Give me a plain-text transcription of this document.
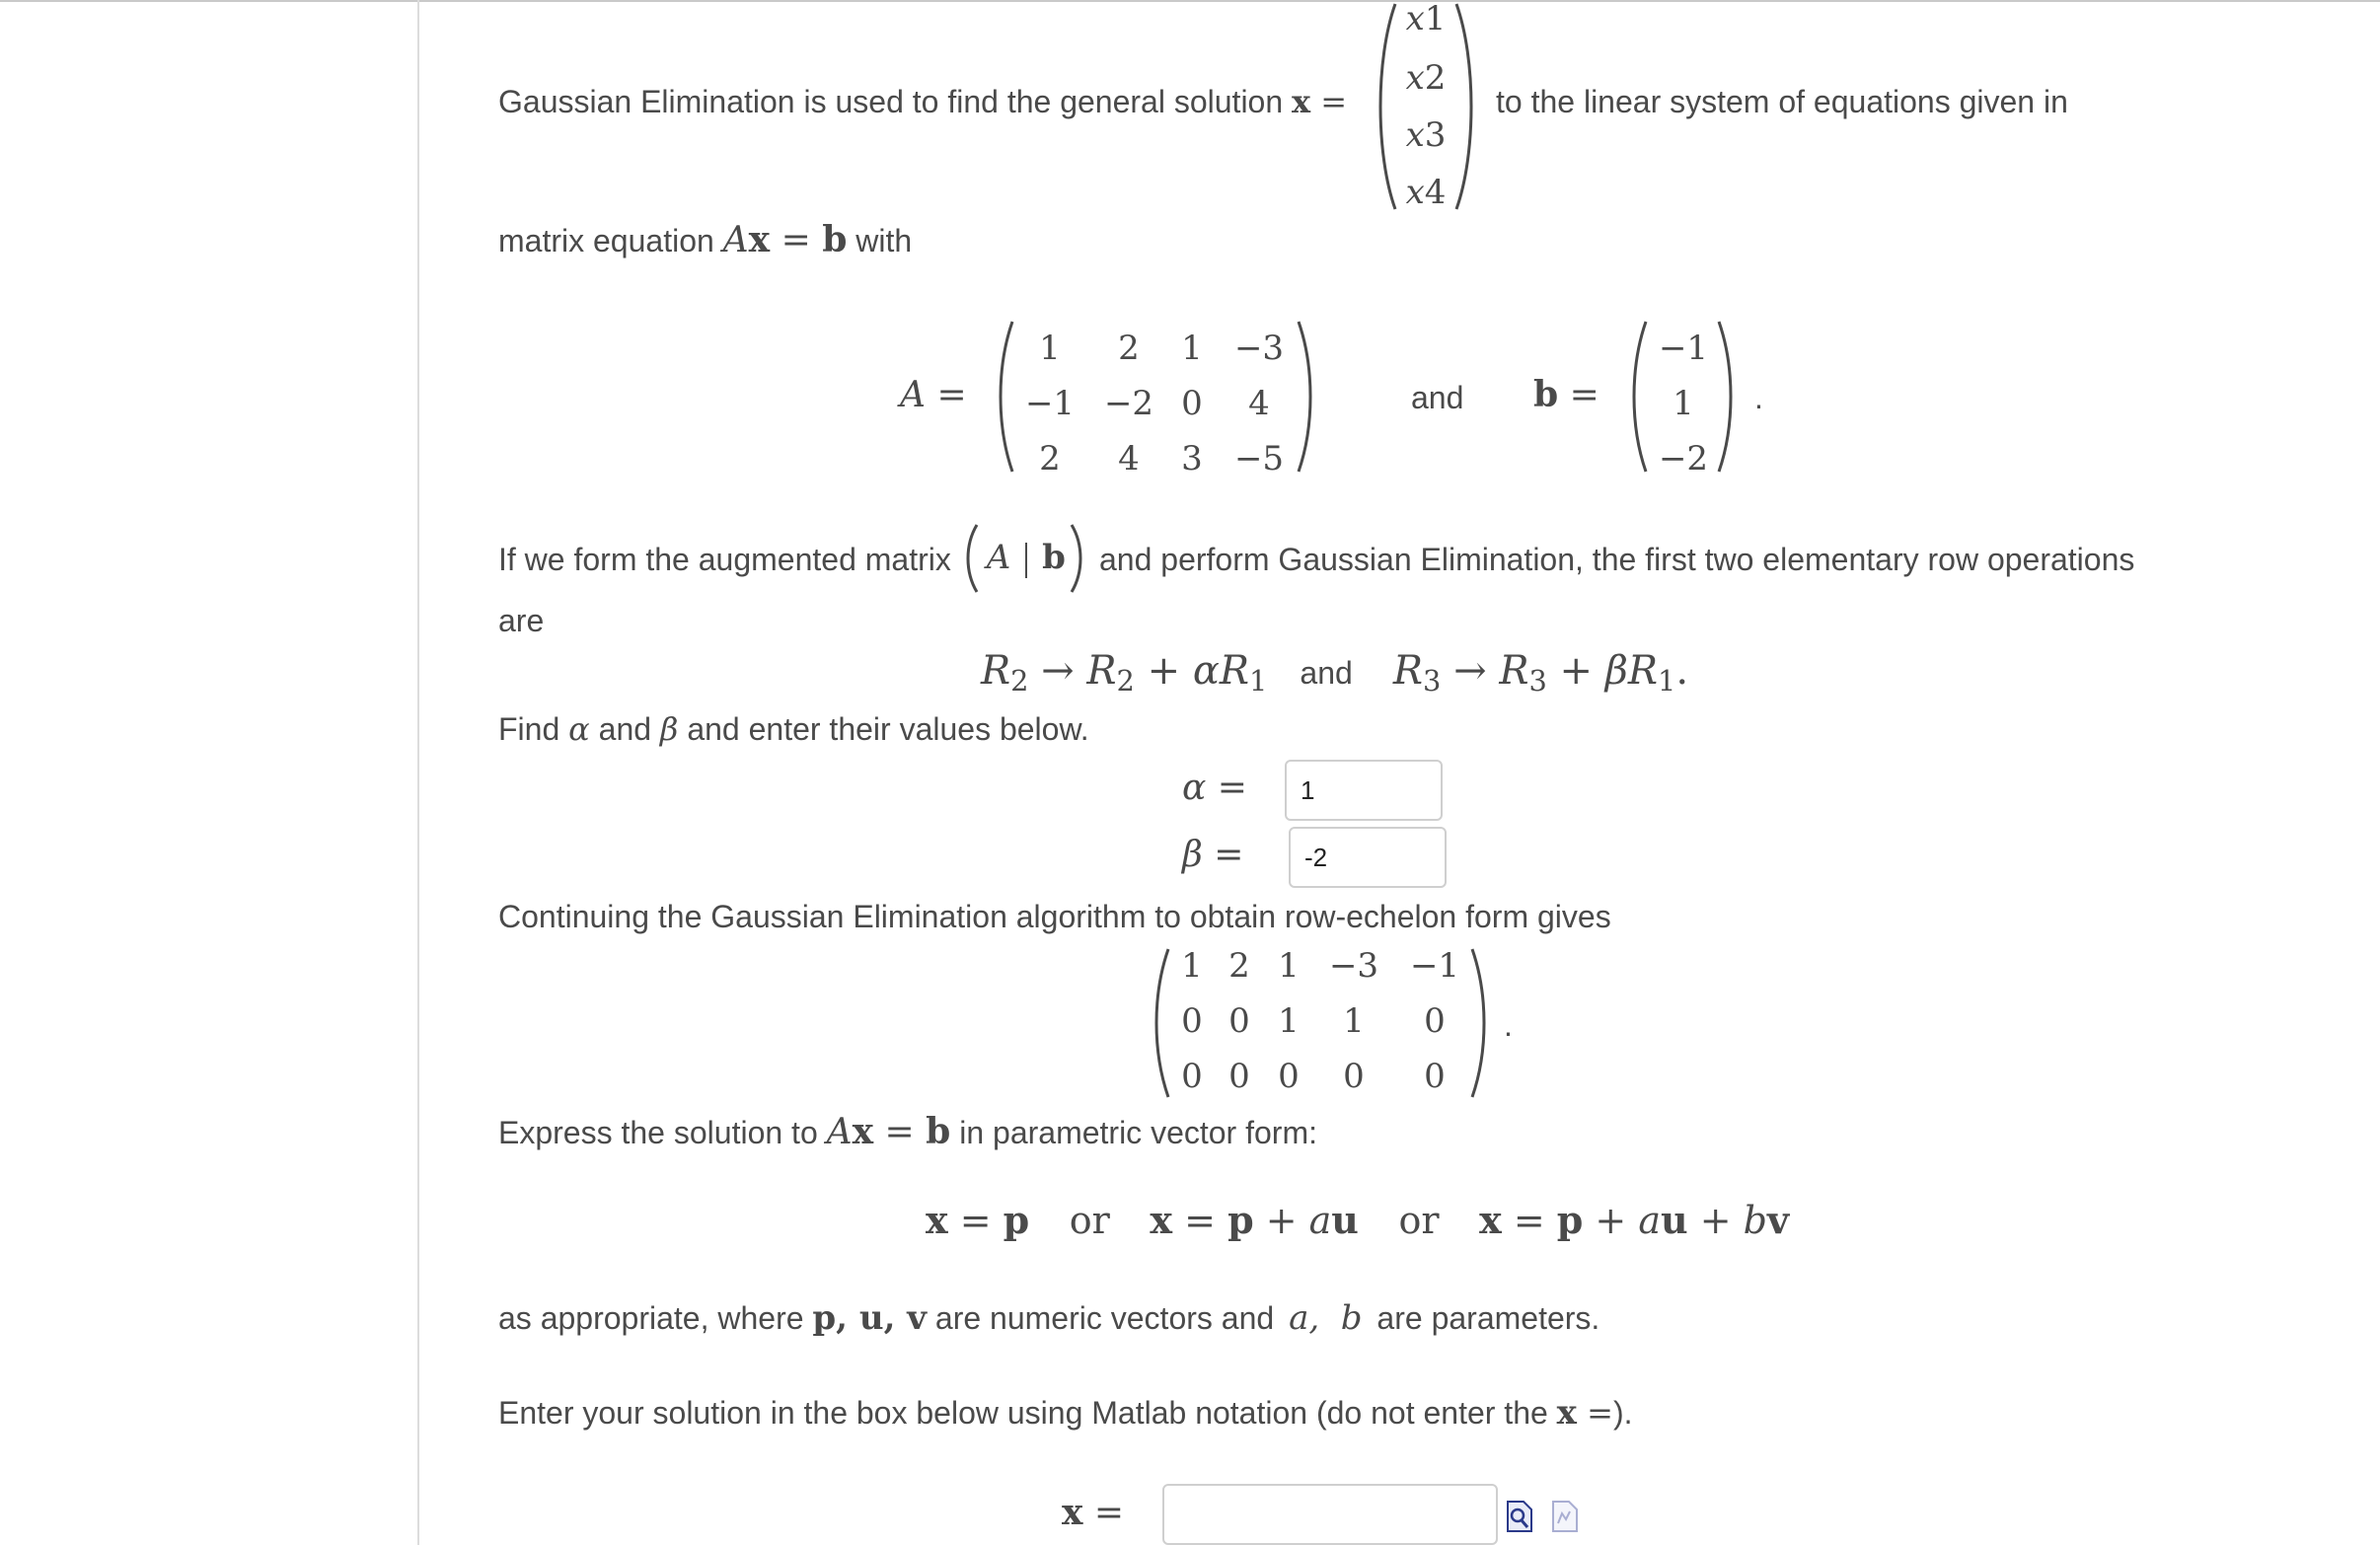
Gaussian Elimination is used to find the general solution x =
x1
x2
x3
x4
to the linear system of equations given in
matrix equation Ax = b with
A =
1	2	1 −3
−1 −2 0	4
2	4	3 −5
and b =
−1
1
−2
.
If we form the augmented matrix	A b	and perform Gaussian Elimination, the first two elementary row operations
are
$R_2 \to R_2 + \alpha R_1$ and $R_3 \to R_3 + \beta R_1$.
Find α and β and enter their values below.
α =
1
β =
-2
Continuing the Gaussian Elimination algorithm to obtain row-echelon form gives
1 2 1 −3 −1
0 0 1	1	0
0 0 0	0	0
.
Express the solution to Ax = b in parametric vector form:
x = p or x = p + au or x = p + au + bv
as appropriate, where p, u, v are numeric vectors and a,  b are parameters.
Enter your solution in the box below using Matlab notation (do not enter the x =).
x =
